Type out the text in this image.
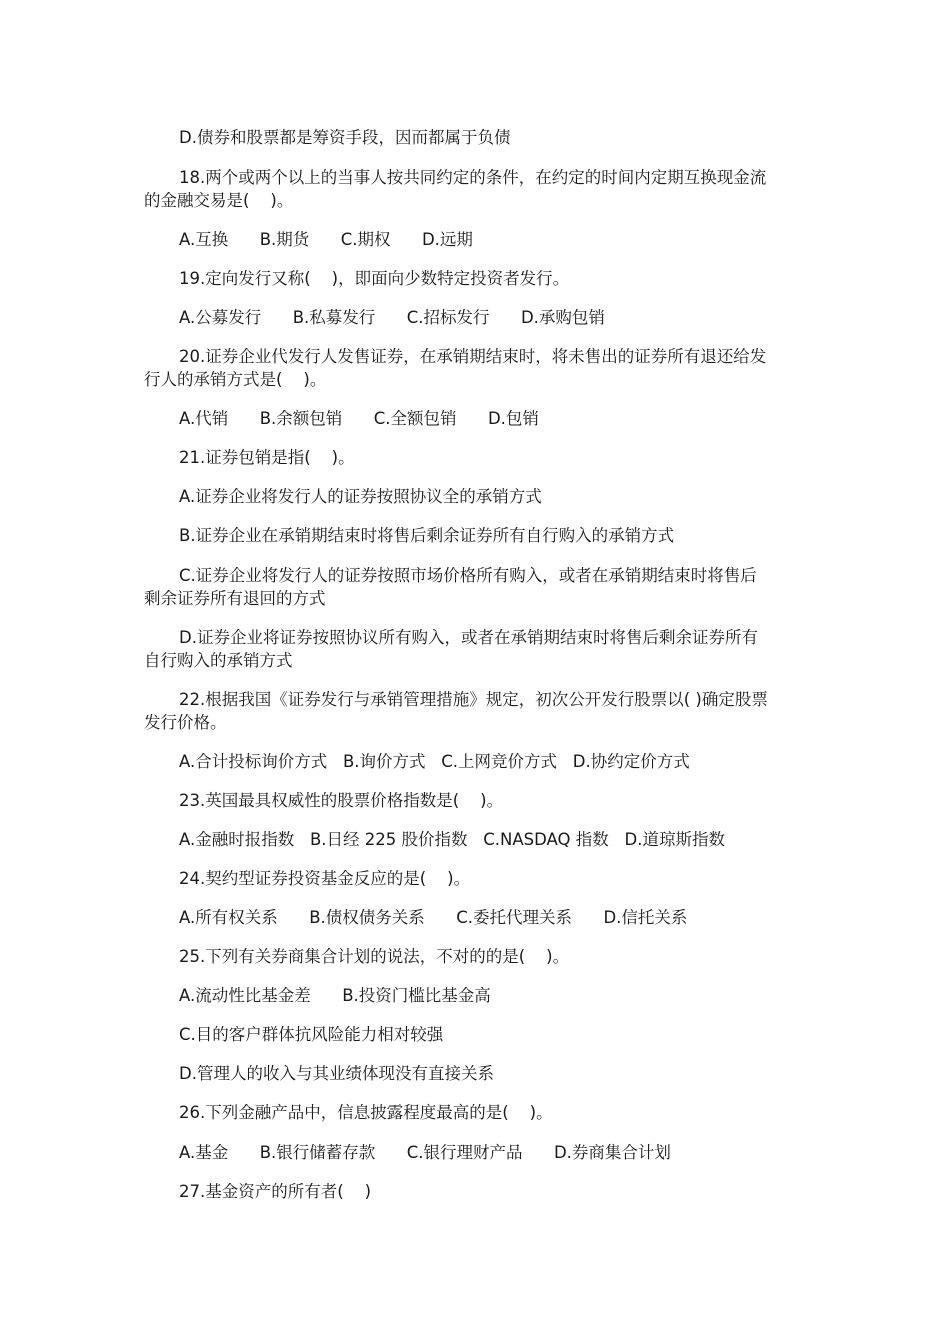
D.债券和股票都是筹资手段，因而都属于负债
18.两个或两个以上的当事人按共同约定的条件，在约定的时间内定期互换现金流
的金融交易是(    )。
A.互换      B.期货      C.期权      D.远期
19.定向发行又称(    )，即面向少数特定投资者发行。
A.公募发行      B.私募发行      C.招标发行      D.承购包销
20.证券企业代发行人发售证券，在承销期结束时，将未售出的证券所有退还给发
行人的承销方式是(    )。
A.代销      B.余额包销      C.全额包销      D.包销
21.证券包销是指(    )。
A.证券企业将发行人的证券按照协议全的承销方式
B.证券企业在承销期结束时将售后剩余证券所有自行购入的承销方式
C.证券企业将发行人的证券按照市场价格所有购入，或者在承销期结束时将售后
剩余证券所有退回的方式
D.证券企业将证券按照协议所有购入，或者在承销期结束时将售后剩余证券所有
自行购入的承销方式
22.根据我国《证券发行与承销管理措施》规定，初次公开发行股票以( )确定股票
发行价格。
A.合计投标询价方式   B.询价方式   C.上网竞价方式   D.协约定价方式
23.英国最具权威性的股票价格指数是(    )。
A.金融时报指数   B.日经 225 股价指数   C.NASDAQ 指数   D.道琼斯指数
24.契约型证券投资基金反应的是(    )。
A.所有权关系      B.债权债务关系      C.委托代理关系      D.信托关系
25.下列有关券商集合计划的说法，不对的的是(    )。
A.流动性比基金差      B.投资门槛比基金高
C.目的客户群体抗风险能力相对较强
D.管理人的收入与其业绩体现没有直接关系
26.下列金融产品中，信息披露程度最高的是(    )。
A.基金      B.银行储蓄存款      C.银行理财产品      D.券商集合计划
27.基金资产的所有者(    )
